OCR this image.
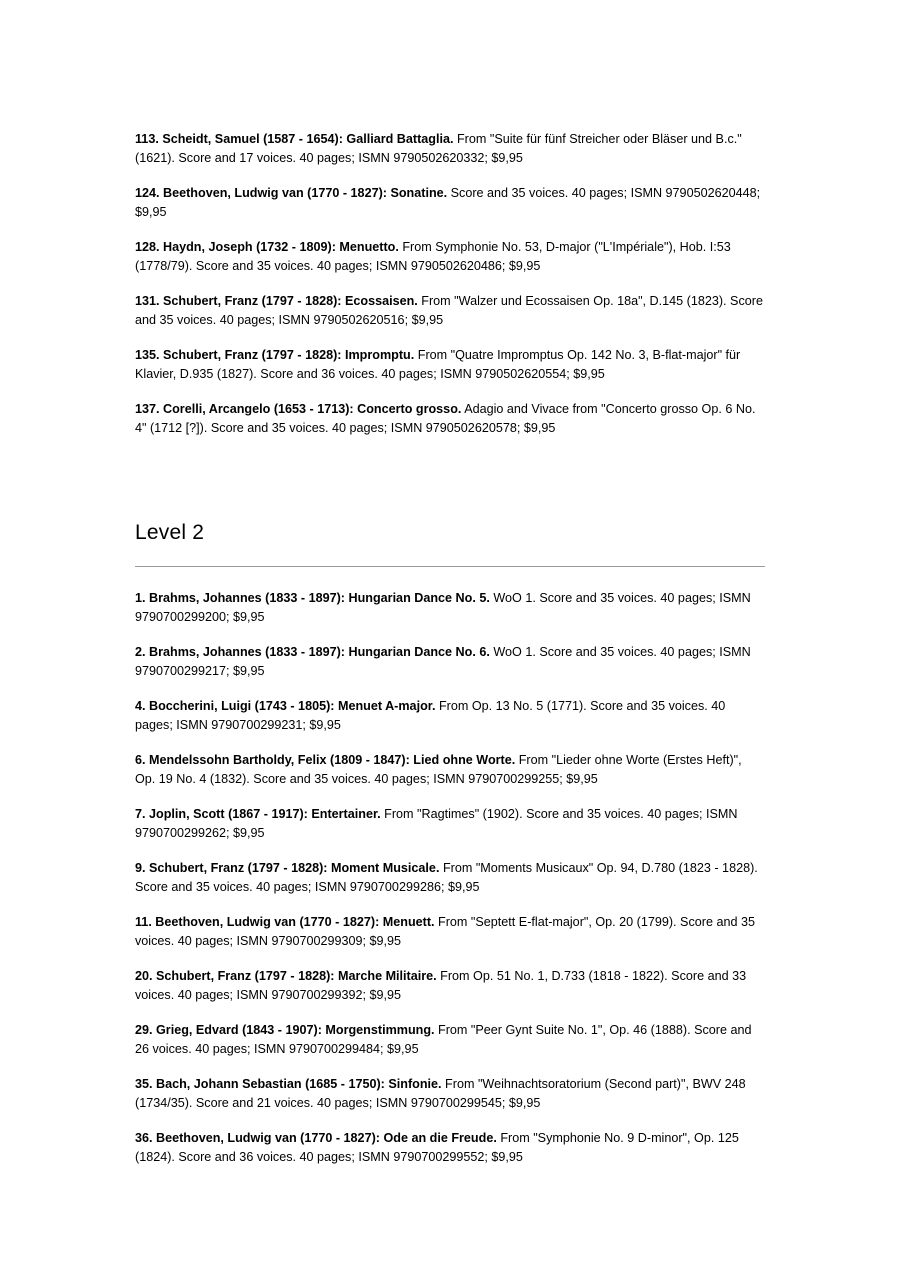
113. Scheidt, Samuel (1587 - 1654): Galliard Battaglia. From "Suite für fünf Streicher oder Bläser und B.c." (1621). Score and 17 voices. 40 pages; ISMN 9790502620332; $9,95

124. Beethoven, Ludwig van (1770 - 1827): Sonatine. Score and 35 voices. 40 pages; ISMN 9790502620448; $9,95

128. Haydn, Joseph (1732 - 1809): Menuetto. From Symphonie No. 53, D-major ("L'Impériale"), Hob. I:53 (1778/79). Score and 35 voices. 40 pages; ISMN 9790502620486; $9,95

131. Schubert, Franz (1797 - 1828): Ecossaisen. From "Walzer und Ecossaisen Op. 18a", D.145 (1823). Score and 35 voices. 40 pages; ISMN 9790502620516; $9,95

135. Schubert, Franz (1797 - 1828): Impromptu. From "Quatre Impromptus Op. 142 No. 3, B-flat-major" für Klavier, D.935 (1827). Score and 36 voices. 40 pages; ISMN 9790502620554; $9,95

137. Corelli, Arcangelo (1653 - 1713): Concerto grosso. Adagio and Vivace from "Concerto grosso Op. 6 No. 4" (1712 [?]). Score and 35 voices. 40 pages; ISMN 9790502620578; $9,95

Level 2

1. Brahms, Johannes (1833 - 1897): Hungarian Dance No. 5. WoO 1. Score and 35 voices. 40 pages; ISMN 9790700299200; $9,95

2. Brahms, Johannes (1833 - 1897): Hungarian Dance No. 6. WoO 1. Score and 35 voices. 40 pages; ISMN 9790700299217; $9,95

4. Boccherini, Luigi (1743 - 1805): Menuet A-major. From Op. 13 No. 5 (1771). Score and 35 voices. 40 pages; ISMN 9790700299231; $9,95

6. Mendelssohn Bartholdy, Felix (1809 - 1847): Lied ohne Worte. From "Lieder ohne Worte (Erstes Heft)", Op. 19 No. 4 (1832). Score and 35 voices. 40 pages; ISMN 9790700299255; $9,95

7. Joplin, Scott (1867 - 1917): Entertainer. From "Ragtimes" (1902). Score and 35 voices. 40 pages; ISMN 9790700299262; $9,95

9. Schubert, Franz (1797 - 1828): Moment Musicale. From "Moments Musicaux" Op. 94, D.780 (1823 - 1828). Score and 35 voices. 40 pages; ISMN 9790700299286; $9,95

11. Beethoven, Ludwig van (1770 - 1827): Menuett. From "Septett E-flat-major", Op. 20 (1799). Score and 35 voices. 40 pages; ISMN 9790700299309; $9,95

20. Schubert, Franz (1797 - 1828): Marche Militaire. From Op. 51 No. 1, D.733 (1818 - 1822). Score and 33 voices. 40 pages; ISMN 9790700299392; $9,95

29. Grieg, Edvard (1843 - 1907): Morgenstimmung. From "Peer Gynt Suite No. 1", Op. 46 (1888). Score and 26 voices. 40 pages; ISMN 9790700299484; $9,95

35. Bach, Johann Sebastian (1685 - 1750): Sinfonie. From "Weihnachtsoratorium (Second part)", BWV 248 (1734/35). Score and 21 voices. 40 pages; ISMN 9790700299545; $9,95

36. Beethoven, Ludwig van (1770 - 1827): Ode an die Freude. From "Symphonie No. 9 D-minor", Op. 125 (1824). Score and 36 voices. 40 pages; ISMN 9790700299552; $9,95
